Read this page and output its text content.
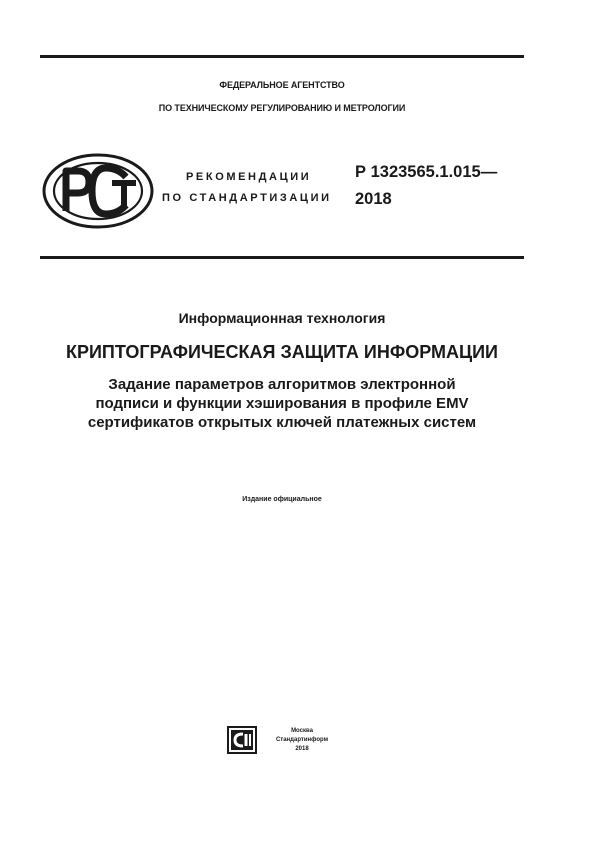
ФЕДЕРАЛЬНОЕ АГЕНТСТВО

ПО ТЕХНИЧЕСКОМУ РЕГУЛИРОВАНИЮ И МЕТРОЛОГИИ

РЕКОМЕНДАЦИИ

ПО СТАНДАРТИЗАЦИИ

Р 1323565.1.015—

2018

Информационная технология

КРИПТОГРАФИЧЕСКАЯ ЗАЩИТА ИНФОРМАЦИИ

Задание параметров алгоритмов электронной
подписи и функции хэширования в профиле EMV
сертификатов открытых ключей платежных систем

Издание официальное

Москва
Стандартинформ
2018
